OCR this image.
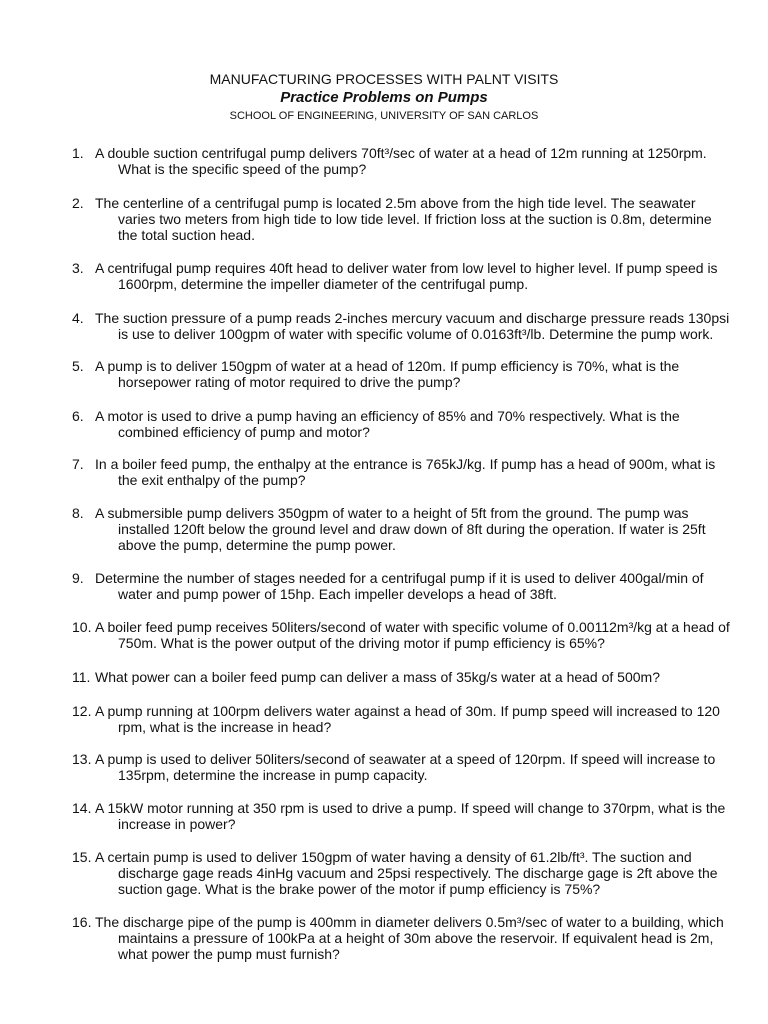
MANUFACTURING PROCESSES WITH PALNT VISITS
Practice Problems on Pumps
SCHOOL OF ENGINEERING, UNIVERSITY OF SAN CARLOS
1. A double suction centrifugal pump delivers 70ft³/sec of water at a head of 12m running at 1250rpm.
What is the specific speed of the pump?
2. The centerline of a centrifugal pump is located 2.5m above from the high tide level. The seawater
varies two meters from high tide to low tide level. If friction loss at the suction is 0.8m, determine
the total suction head.
3. A centrifugal pump requires 40ft head to deliver water from low level to higher level. If pump speed is
1600rpm, determine the impeller diameter of the centrifugal pump.
4. The suction pressure of a pump reads 2-inches mercury vacuum and discharge pressure reads 130psi
is use to deliver 100gpm of water with specific volume of 0.0163ft³/lb. Determine the pump work.
5. A pump is to deliver 150gpm of water at a head of 120m. If pump efficiency is 70%, what is the
horsepower rating of motor required to drive the pump?
6. A motor is used to drive a pump having an efficiency of 85% and 70% respectively. What is the
combined efficiency of pump and motor?
7. In a boiler feed pump, the enthalpy at the entrance is 765kJ/kg. If pump has a head of 900m, what is
the exit enthalpy of the pump?
8. A submersible pump delivers 350gpm of water to a height of 5ft from the ground. The pump was
installed 120ft below the ground level and draw down of 8ft during the operation. If water is 25ft
above the pump, determine the pump power.
9. Determine the number of stages needed for a centrifugal pump if it is used to deliver 400gal/min of
water and pump power of 15hp. Each impeller develops a head of 38ft.
10. A boiler feed pump receives 50liters/second of water with specific volume of 0.00112m³/kg at a head of
750m. What is the power output of the driving motor if pump efficiency is 65%?
11. What power can a boiler feed pump can deliver a mass of 35kg/s water at a head of 500m?
12. A pump running at 100rpm delivers water against a head of 30m. If pump speed will increased to 120
rpm, what is the increase in head?
13. A pump is used to deliver 50liters/second of seawater at a speed of 120rpm. If speed will increase to
135rpm, determine the increase in pump capacity.
14. A 15kW motor running at 350 rpm is used to drive a pump. If speed will change to 370rpm, what is the
increase in power?
15. A certain pump is used to deliver 150gpm of water having a density of 61.2lb/ft³. The suction and
discharge gage reads 4inHg vacuum and 25psi respectively. The discharge gage is 2ft above the
suction gage. What is the brake power of the motor if pump efficiency is 75%?
16. The discharge pipe of the pump is 400mm in diameter delivers 0.5m³/sec of water to a building, which
maintains a pressure of 100kPa at a height of 30m above the reservoir. If equivalent head is 2m,
what power the pump must furnish?
